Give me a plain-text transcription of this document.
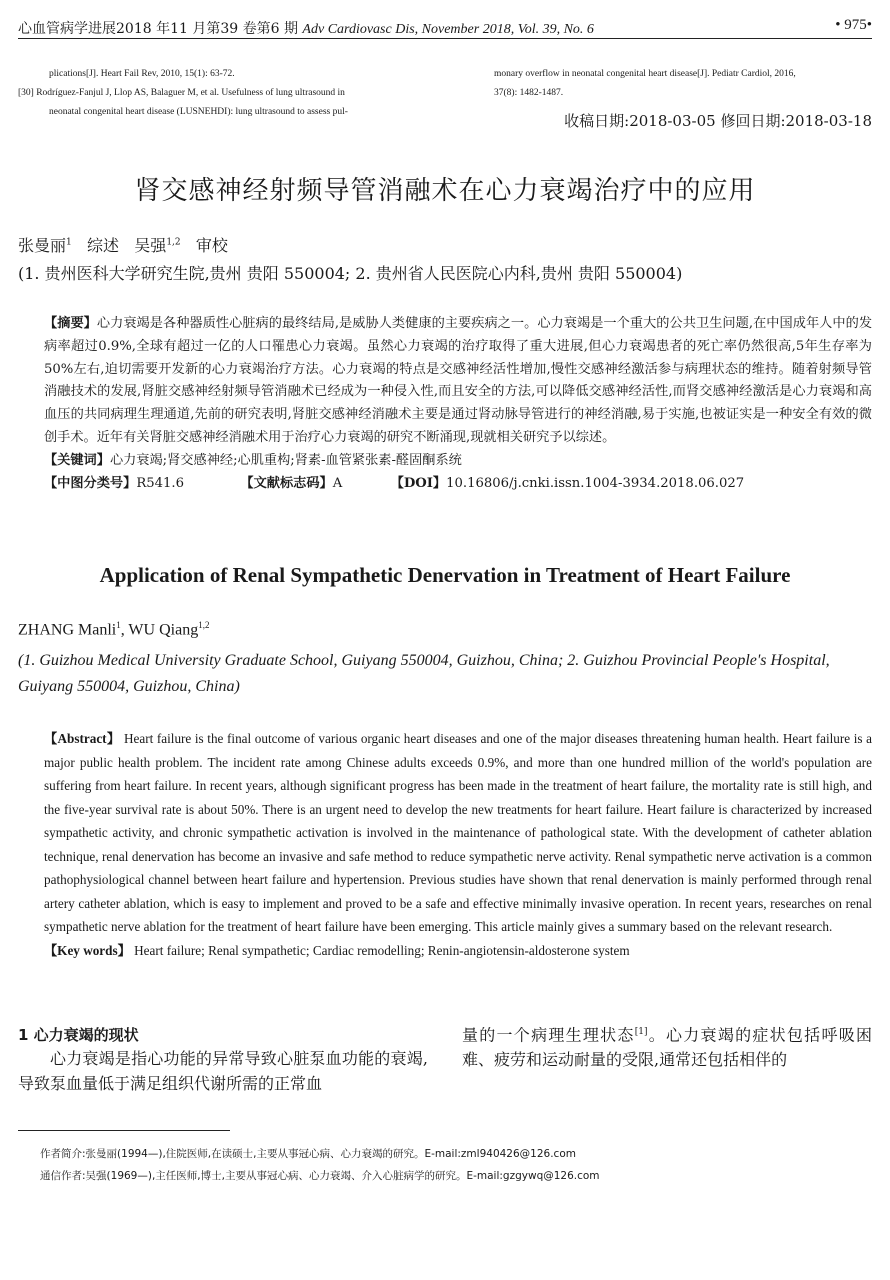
心血管病学进展2018 年11 月第39 卷第6 期 Adv Cardiovasc Dis, November 2018, Vol. 39, No. 6	• 975•

plications[J]. Heart Fail Rev, 2010, 15(1): 63-72.

[30] Rodríguez-Fanjul J, Llop AS, Balaguer M, et al. Usefulness of lung ultrasound in

neonatal congenital heart disease (LUSNEHDI): lung ultrasound to assess pul-

monary overflow in neonatal congenital heart disease[J]. Pediatr Cardiol, 2016,

37(8): 1482-1487.

收稿日期:2018-03-05 修回日期:2018-03-18
肾交感神经射频导管消融术在心力衰竭治疗中的应用
张曼丽$^1$ 综述 吴强$^{1,2}$ 审校
(1. 贵州医科大学研究生院,贵州 贵阳 550004; 2. 贵州省人民医院心内科,贵州 贵阳 550004)

【摘要】心力衰竭是各种器质性心脏病的最终结局,是威胁人类健康的主要疾病之一。心力衰竭是一个重大的公共卫生问题,在中国成年人中的发病率超过0.9%,全球有超过一亿的人口罹患心力衰竭。虽然心力衰竭的治疗取得了重大进展,但心力衰竭患者的死亡率仍然很高,5年生存率为50%左右,迫切需要开发新的心力衰竭治疗方法。心力衰竭的特点是交感神经活性增加,慢性交感神经激活参与病理状态的维持。随着射频导管消融技术的发展,肾脏交感神经射频导管消融术已经成为一种侵入性,而且安全的方法,可以降低交感神经活性,而肾交感神经激活是心力衰竭和高血压的共同病理生理通道,先前的研究表明,肾脏交感神经消融术主要是通过肾动脉导管进行的神经消融,易于实施,也被证实是一种安全有效的微创手术。近年有关肾脏交感神经消融术用于治疗心力衰竭的研究不断涌现,现就相关研究予以综述。

【关键词】心力衰竭;肾交感神经;心肌重构;肾素-血管紧张素-醛固酮系统

【中图分类号】R541.6	【文献标志码】A	【DOI】10.16806/j.cnki.issn.1004-3934.2018.06.027

Application of Renal Sympathetic Denervation in Treatment of Heart Failure
ZHANG Manli$^1$, WU Qiang$^{1,2}$
(1. Guizhou Medical University Graduate School, Guiyang 550004, Guizhou, China; 2. Guizhou Provincial People's Hospital, Guiyang 550004, Guizhou, China)

【Abstract】 Heart failure is the final outcome of various organic heart diseases and one of the major diseases threatening human health. Heart failure is a major public health problem. The incident rate among Chinese adults exceeds 0.9%, and more than one hundred million of the world's population are suffering from heart failure. In recent years, although significant progress has been made in the treatment of heart failure, the mortality rate is still high, and the five-year survival rate is about 50%. There is an urgent need to develop the new treatments for heart failure. Heart failure is characterized by increased sympathetic activity, and chronic sympathetic activation is involved in the maintenance of pathological state. With the development of catheter ablation technique, renal denervation has become an invasive and safe method to reduce sympathetic nerve activity. Renal sympathetic nerve activation is a common pathophysiological channel between heart failure and hypertension. Previous studies have shown that renal denervation is mainly performed through renal artery catheter ablation, which is easy to implement and proved to be a safe and effective minimally invasive operation. In recent years, researches on renal sympathetic nerve ablation for the treatment of heart failure have been emerging. This article mainly gives a summary based on the relevant research.

【Key words】 Heart failure; Renal sympathetic; Cardiac remodelling; Renin-angiotensin-aldosterone system

1 心力衰竭的现状

心力衰竭是指心功能的异常导致心脏泵血功能的衰竭,导致泵血量低于满足组织代谢所需的正常血

量的一个病理生理状态[1]。心力衰竭的症状包括呼吸困难、疲劳和运动耐量的受限,通常还包括相伴的

作者简介:张曼丽(1994—),住院医师,在读硕士,主要从事冠心病、心力衰竭的研究。E-mail:zml940426@126.com

通信作者:吴强(1969—),主任医师,博士,主要从事冠心病、心力衰竭、介入心脏病学的研究。E-mail:gzgywq@126.com
